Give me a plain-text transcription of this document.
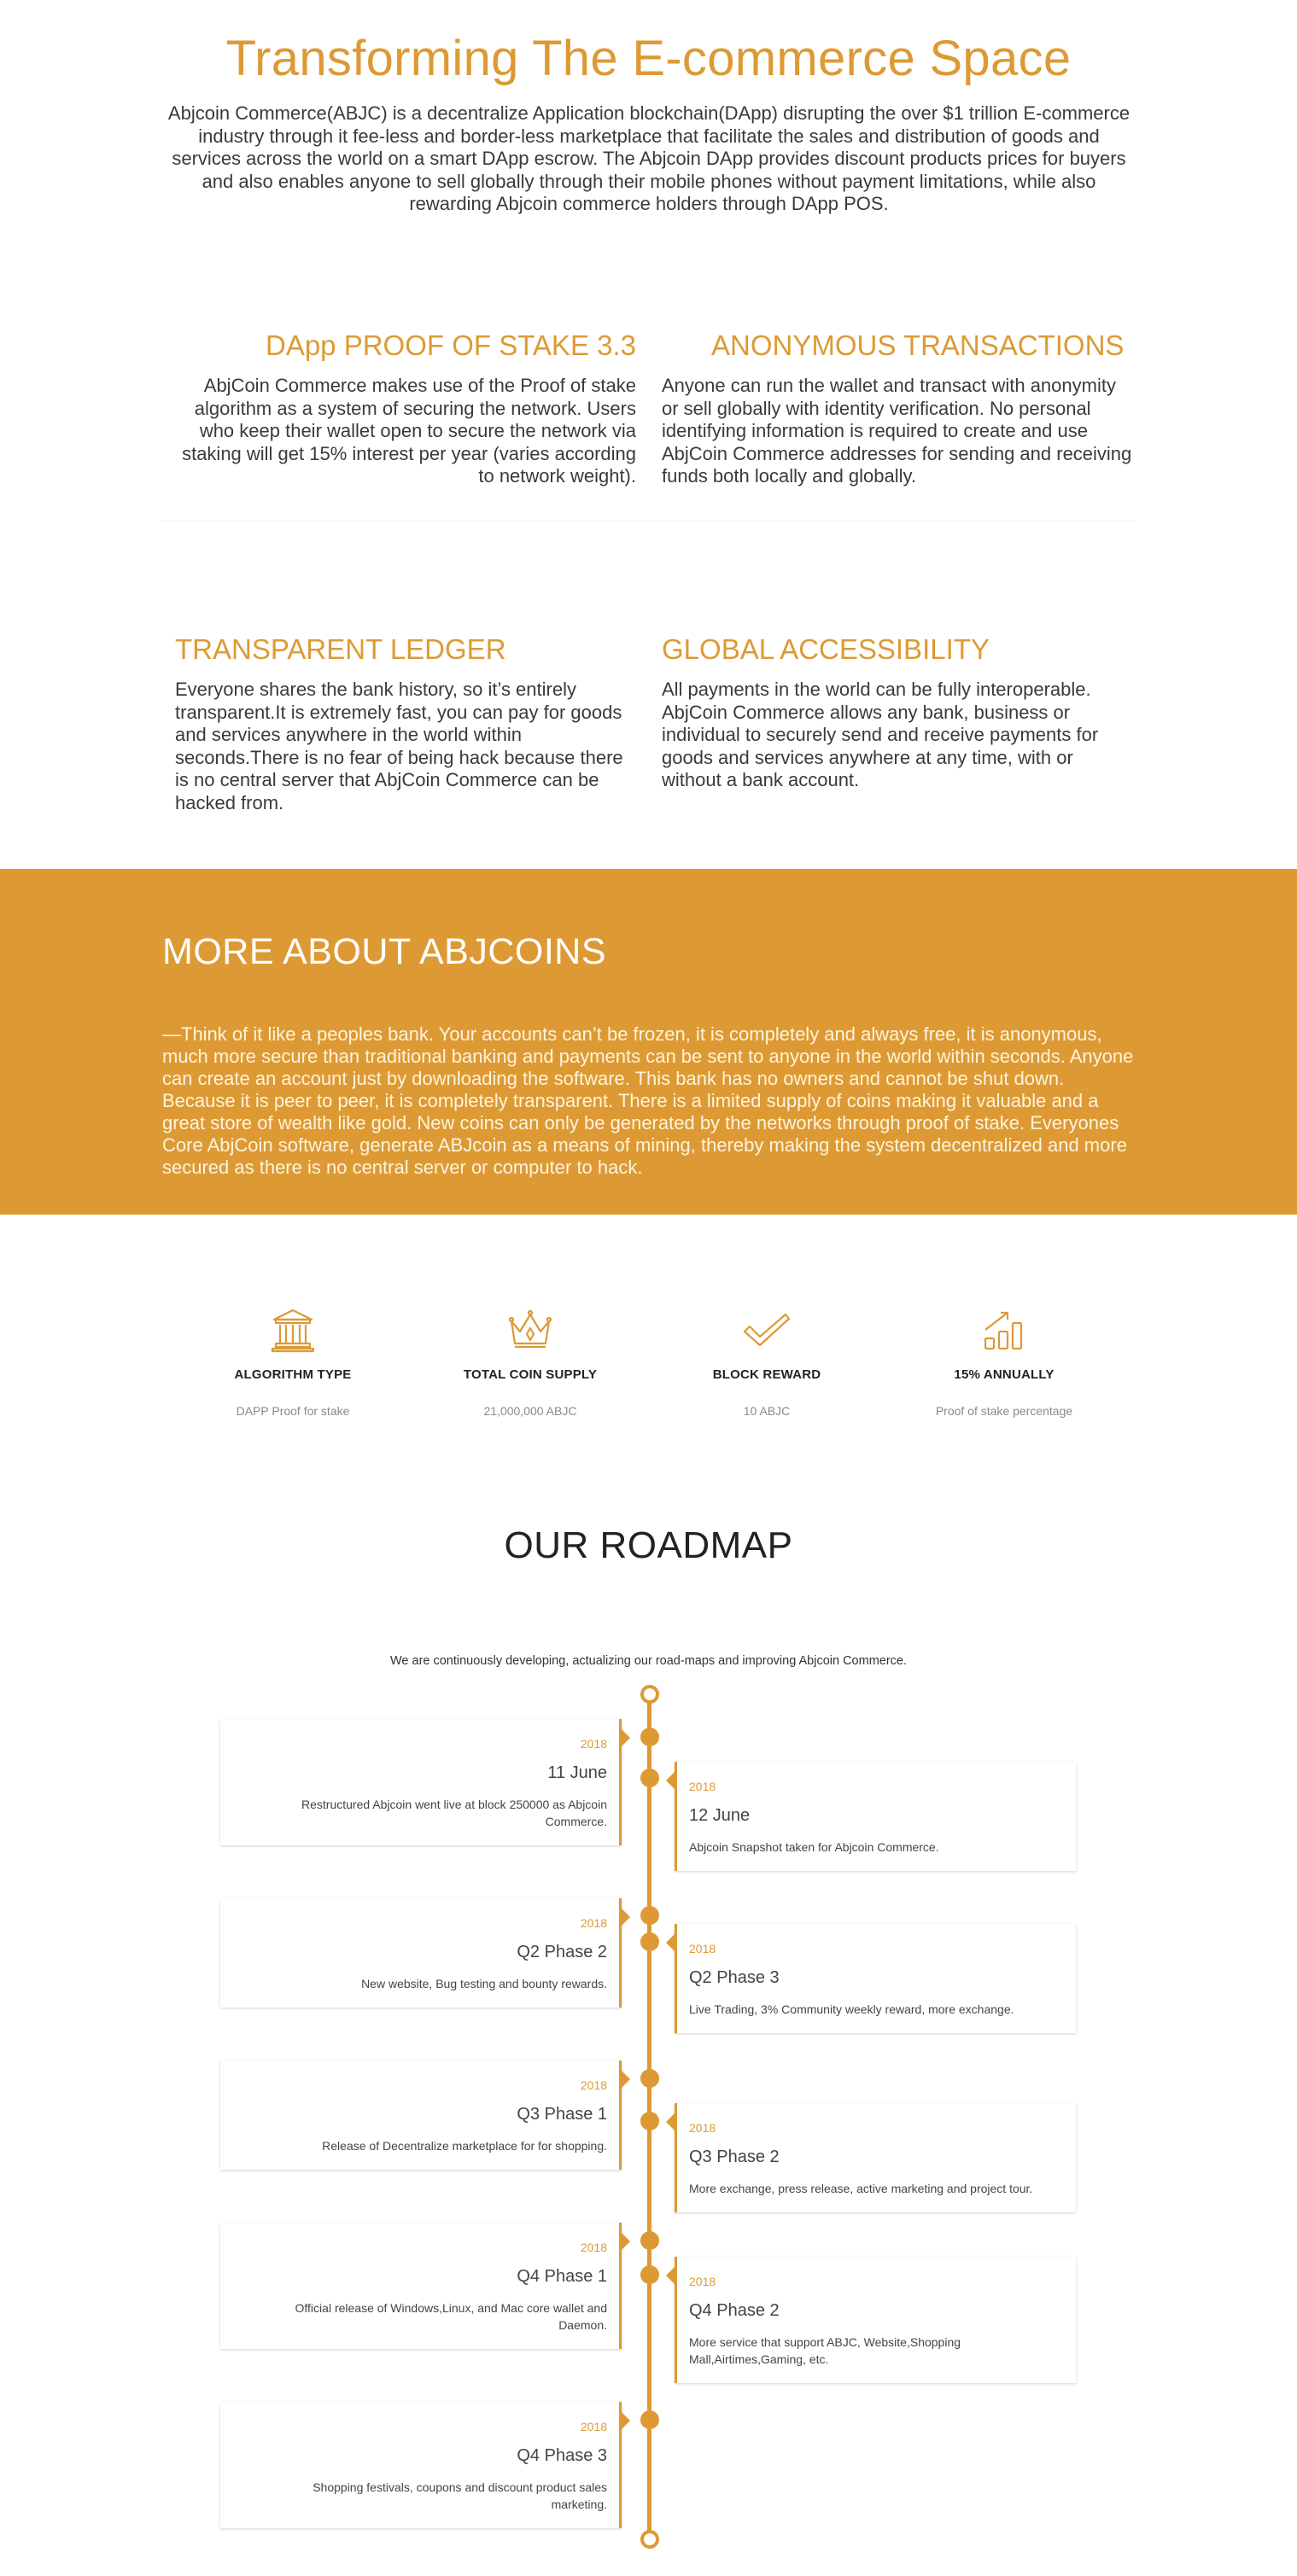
Transforming The E-commerce Space

Abjcoin Commerce(ABJC) is a decentralize Application blockchain(DApp) disrupting the over $1 trillion E-commerce industry through it fee-less and border-less marketplace that facilitate the sales and distribution of goods and services across the world on a smart DApp escrow. The Abjcoin DApp provides discount products prices for buyers and also enables anyone to sell globally through their mobile phones without payment limitations, while also rewarding Abjcoin commerce holders through DApp POS.

DApp PROOF OF STAKE 3.3

AbjCoin Commerce makes use of the Proof of stake algorithm as a system of securing the network. Users who keep their wallet open to secure the network via staking will get 15% interest per year (varies according to network weight).

ANONYMOUS TRANSACTIONS

Anyone can run the wallet and transact with anonymity or sell globally with identity verification. No personal identifying information is required to create and use AbjCoin Commerce addresses for sending and receiving funds both locally and globally.

TRANSPARENT LEDGER

Everyone shares the bank history, so it’s entirely transparent.It is extremely fast, you can pay for goods and services anywhere in the world within seconds.There is no fear of being hack because there is no central server that AbjCoin Commerce can be hacked from.

GLOBAL ACCESSIBILITY

All payments in the world can be fully interoperable. AbjCoin Commerce allows any bank, business or individual to securely send and receive payments for goods and services anywhere at any time, with or without a bank account.

MORE ABOUT ABJCOINS

—Think of it like a peoples bank. Your accounts can’t be frozen, it is completely and always free, it is anonymous, much more secure than traditional banking and payments can be sent to anyone in the world within seconds. Anyone can create an account just by downloading the software. This bank has no owners and cannot be shut down. Because it is peer to peer, it is completely transparent. There is a limited supply of coins making it valuable and a great store of wealth like gold. New coins can only be generated by the networks through proof of stake. Everyones Core AbjCoin software, generate ABJcoin as a means of mining, thereby making the system decentralized and more secured as there is no central server or computer to hack.

ALGORITHM TYPE
DAPP Proof for stake
TOTAL COIN SUPPLY
21,000,000 ABJC
BLOCK REWARD
10 ABJC
15% ANNUALLY
Proof of stake percentage
OUR ROADMAP

We are continuously developing, actualizing our road-maps and improving Abjcoin Commerce.

2018
11 June
Restructured Abjcoin went live at block 250000 as Abjcoin Commerce.
2018
12 June
Abjcoin Snapshot taken for Abjcoin Commerce.
2018
Q2 Phase 2
New website, Bug testing and bounty rewards.
2018
Q2 Phase 3
Live Trading, 3% Community weekly reward, more exchange.
2018
Q3 Phase 1
Release of Decentralize marketplace for for shopping.
2018
Q3 Phase 2
More exchange, press release, active marketing and project tour.
2018
Q4 Phase 1
Official release of Windows,Linux, and Mac core wallet and Daemon.
2018
Q4 Phase 2
More service that support ABJC, Website,Shopping Mall,Airtimes,Gaming, etc.
2018
Q4 Phase 3
Shopping festivals, coupons and discount product sales marketing.
